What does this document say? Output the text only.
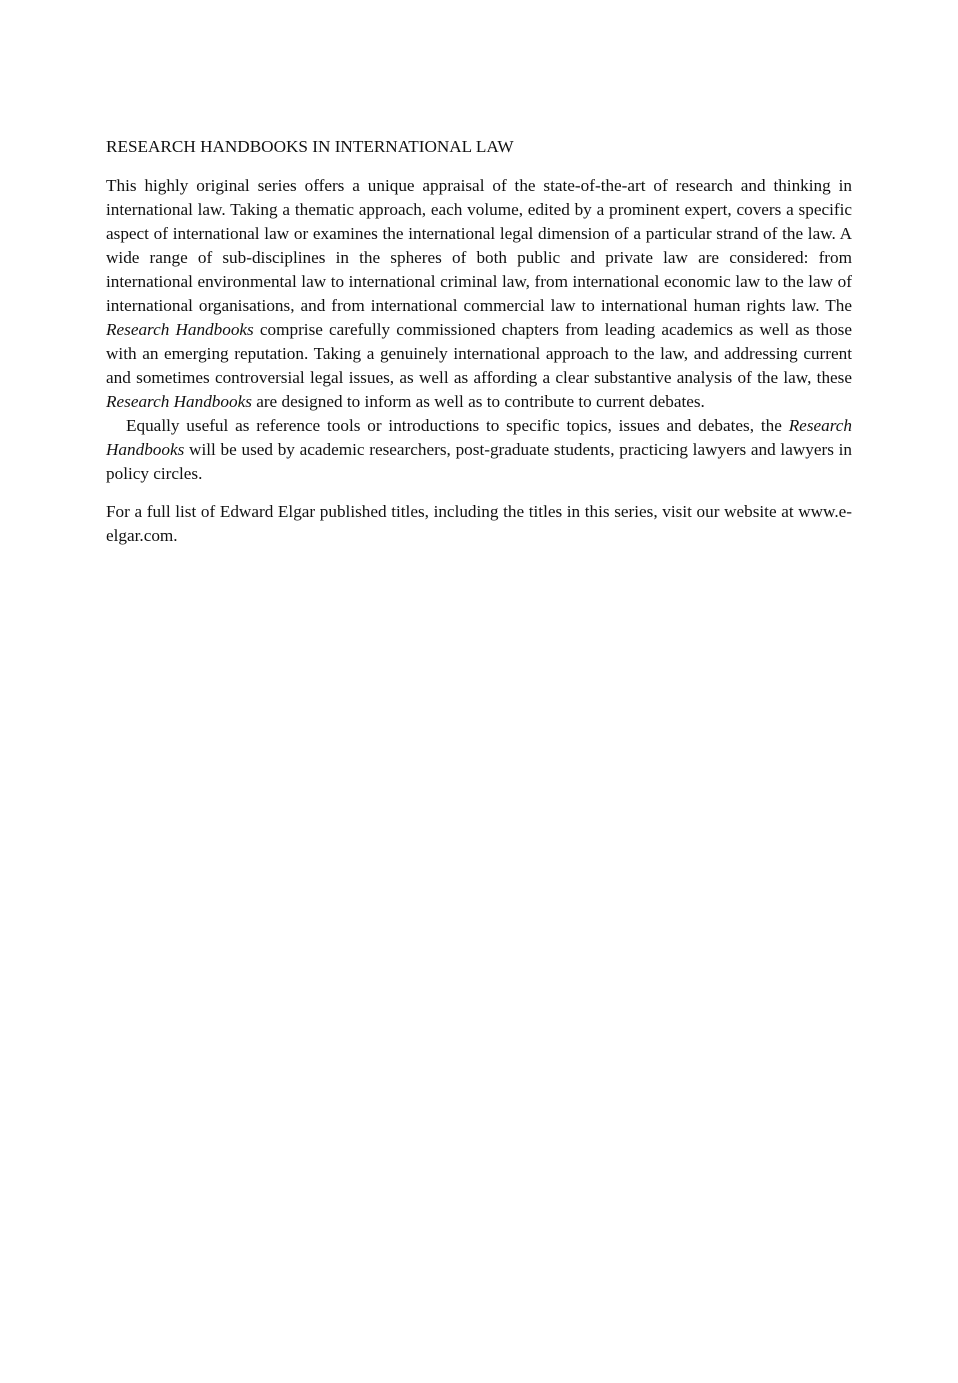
RESEARCH HANDBOOKS IN INTERNATIONAL LAW

This highly original series offers a unique appraisal of the state-of-the-art of research and thinking in international law. Taking a thematic approach, each volume, edited by a prominent expert, covers a specific aspect of international law or examines the international legal dimension of a particular strand of the law. A wide range of sub-disciplines in the spheres of both public and private law are considered: from international environmental law to international criminal law, from international economic law to the law of international organisations, and from international commercial law to international human rights law. The Research Handbooks comprise carefully commissioned chapters from leading academics as well as those with an emerging reputation. Taking a genuinely international approach to the law, and addressing current and sometimes controversial legal issues, as well as affording a clear substantive analysis of the law, these Research Handbooks are designed to inform as well as to contribute to current debates.

Equally useful as reference tools or introductions to specific topics, issues and debates, the Research Handbooks will be used by academic researchers, post-graduate students, practicing lawyers and lawyers in policy circles.

For a full list of Edward Elgar published titles, including the titles in this series, visit our website at www.e-elgar.com.
